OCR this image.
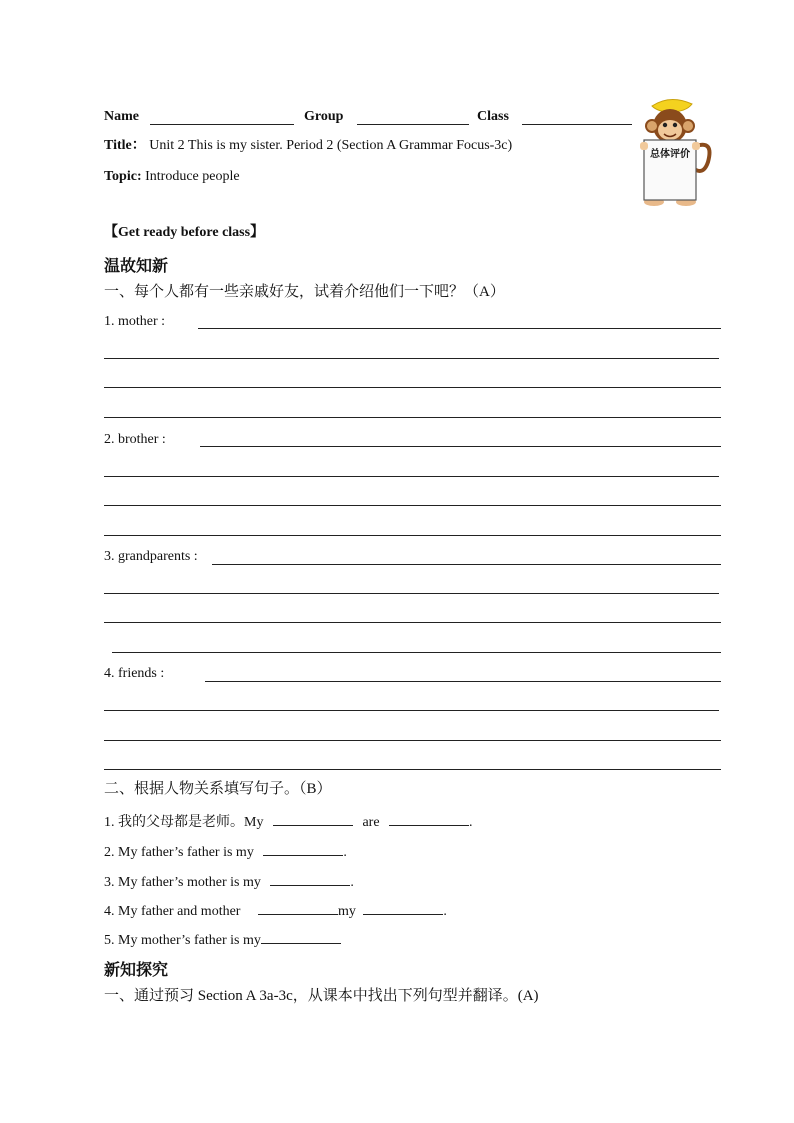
Name	Group	Class
Title： Unit 2 This is my sister. Period 2 (Section A Grammar Focus-3c)
Topic: Introduce people
总体评价
【Get ready before class】
温故知新
一、每个人都有一些亲戚好友，试着介绍他们一下吧？（A）
1. mother :
2. brother :
3. grandparents :
4. friends :
二、根据人物关系填写句子。（B）
1. 我的父母都是老师。My	are	.
2. My father’s father is my	.
3. My father’s mother is my	.
4. My father and mother	my	.
5. My mother’s father is my
新知探究
一、通过预习 Section A 3a-3c，从课本中找出下列句型并翻译。(A)
